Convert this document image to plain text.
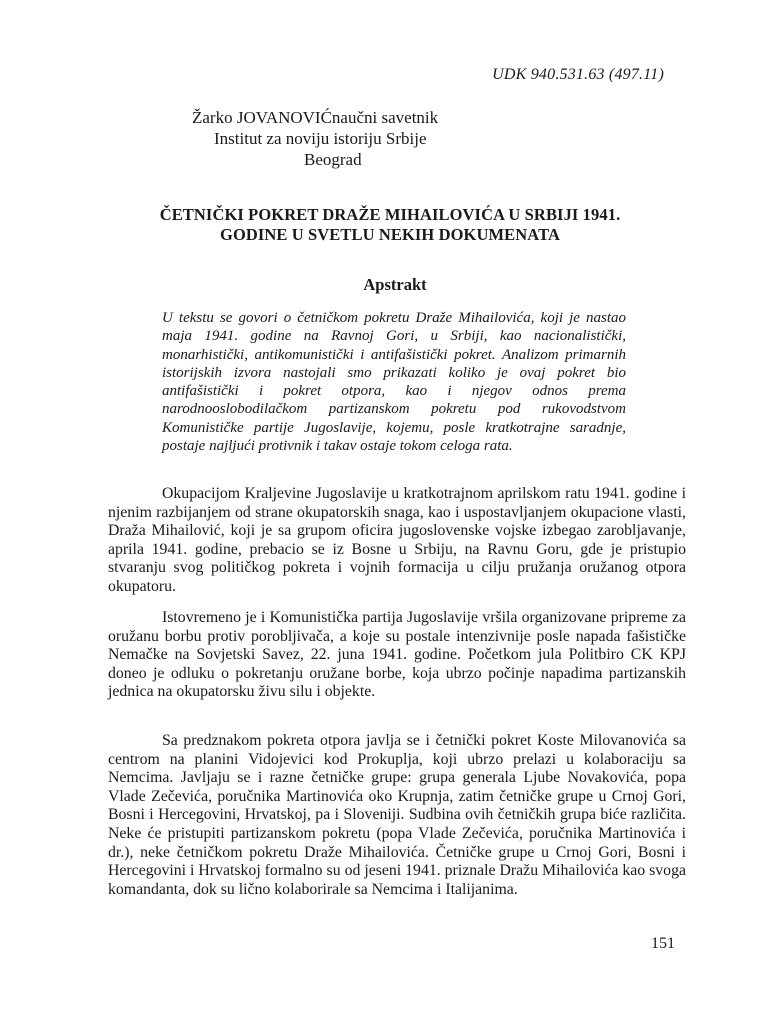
UDK 940.531.63 (497.11)
Žarko JOVANOVIĆnaučni savetnik
Institut za noviju istoriju Srbije
Beograd
ČETNIČKI POKRET DRAŽE MIHAILOVIĆA U SRBIJI 1941.
GODINE U SVETLU NEKIH DOKUMENATA
Apstrakt
U tekstu se govori o četničkom pokretu Draže Mihailovića, koji je nastao maja 1941. godine na Ravnoj Gori, u Srbiji, kao nacionalistički, monarhistički, antikomunistički i antifašistički pokret. Analizom primarnih istorijskih izvora nastojali smo prikazati koliko je ovaj pokret bio antifašistički i pokret otpora, kao i njegov odnos prema narodnooslobodilačkom partizanskom pokretu pod rukovodstvom Komunističke partije Jugoslavije, kojemu, posle kratkotrajne saradnje, postaje najljući protivnik i takav ostaje tokom celoga rata.

Okupacijom Kraljevine Jugoslavije u kratkotrajnom aprilskom ratu 1941. godine i njenim razbijanjem od strane okupatorskih snaga, kao i uspostavljanjem okupacione vlasti, Draža Mihailović, koji je sa grupom oficira jugoslovenske vojske izbegao zarobljavanje, aprila 1941. godine, prebacio se iz Bosne u Srbiju, na Ravnu Goru, gde je pristupio stvaranju svog političkog pokreta i vojnih formacija u cilju pružanja oružanog otpora okupatoru.

Istovremeno je i Komunistička partija Jugoslavije vršila organizovane pripreme za oružanu borbu protiv porobljivača, a koje su postale intenzivnije posle napada fašističke Nemačke na Sovjetski Savez, 22. juna 1941. godine. Početkom jula Politbiro CK KPJ doneo je odluku o pokretanju oružane borbe, koja ubrzo počinje napadima partizanskih jednica na okupatorsku živu silu i objekte.

Sa predznakom pokreta otpora javlja se i četnički pokret Koste Milovanovića sa centrom na planini Vidojevici kod Prokuplja, koji ubrzo prelazi u kolaboraciju sa Nemcima. Javljaju se i razne četničke grupe: grupa generala Ljube Novakovića, popa Vlade Zečevića, poručnika Martinovića oko Krupnja, zatim četničke grupe u Crnoj Gori, Bosni i Hercegovini, Hrvatskoj, pa i Sloveniji. Sudbina ovih četničkih grupa biće različita. Neke će pristupiti partizanskom pokretu (popa Vlade Zečevića, poručnika Martinovića i dr.), neke četničkom pokretu Draže Mihailovića. Četničke grupe u Crnoj Gori, Bosni i Hercegovini i Hrvatskoj formalno su od jeseni 1941. priznale Dražu Mihailovića kao svoga komandanta, dok su lično kolaborirale sa Nemcima i Italijanima.

151
